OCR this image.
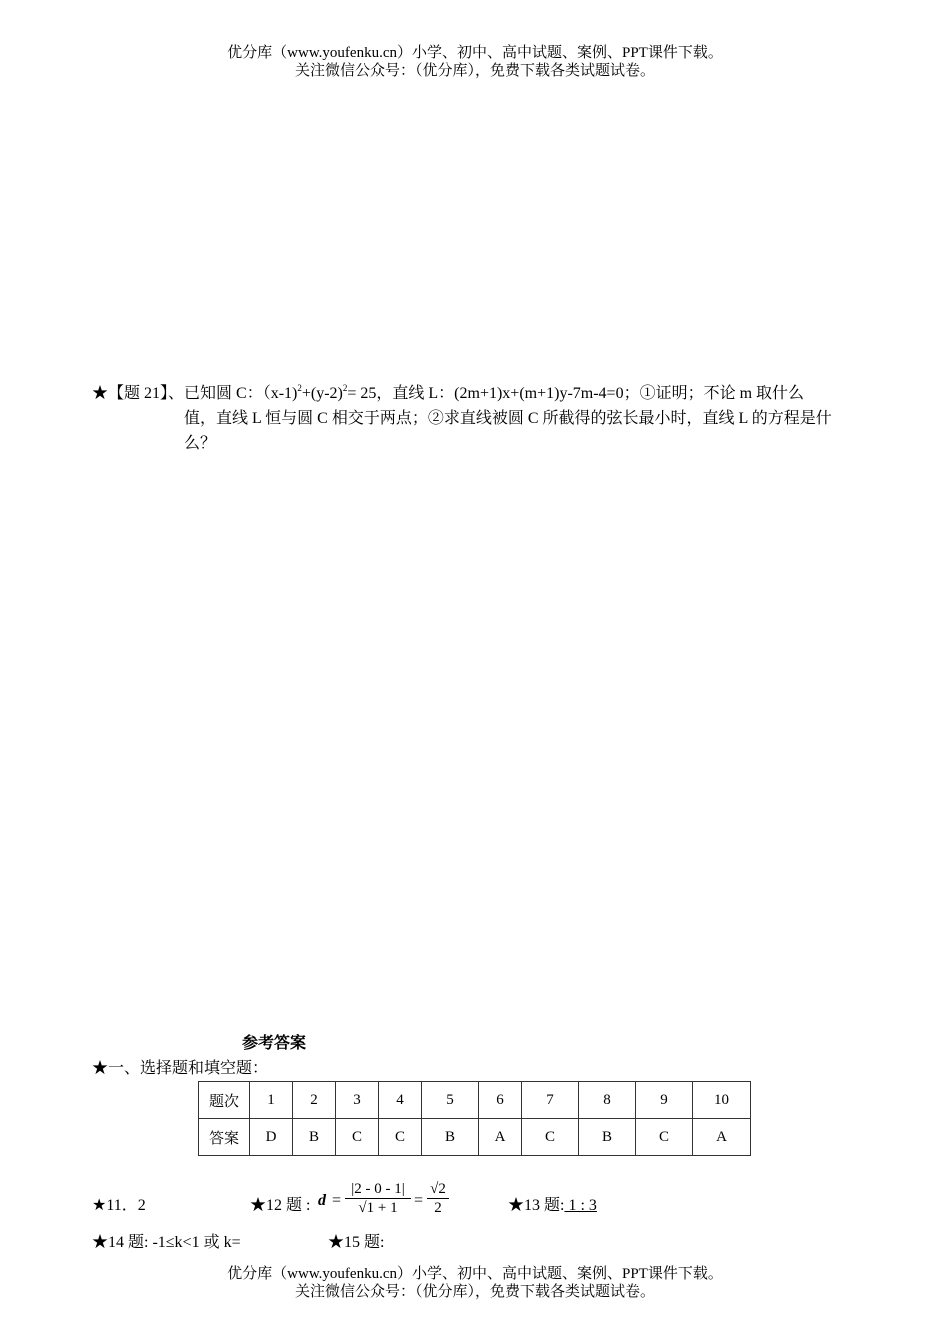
优分库（www.youfenku.cn）小学、初中、高中试题、案例、PPT课件下载。
关注微信公众号：（优分库），免费下载各类试题试卷。
★【题 21】、已知圆 C：$(x-1)^2+(y-2)^2= 25$，直线 L：(2m+1)x+(m+1)y-7m-4=0；①证明；不论 m 取什么
值，直线 L 恒与圆 C 相交于两点；②求直线被圆 C 所截得的弦长最小时，直线 L 的方程是什
么？
参考答案
★一、选择题和填空题：
题次	1	2	3	4	5	6	7	8	9	10
答案	D	B	C	C	B	A	C	B	C	A
★11．2	★12 题 : $d = \frac{|2 - 0 - 1|}{√1 + 1} = \frac{√2}{2}$	★13 题: 1 : 3
★14 题: -1≤k<1 或 k=	★15 题:
优分库（www.youfenku.cn）小学、初中、高中试题、案例、PPT课件下载。
关注微信公众号：（优分库），免费下载各类试题试卷。
